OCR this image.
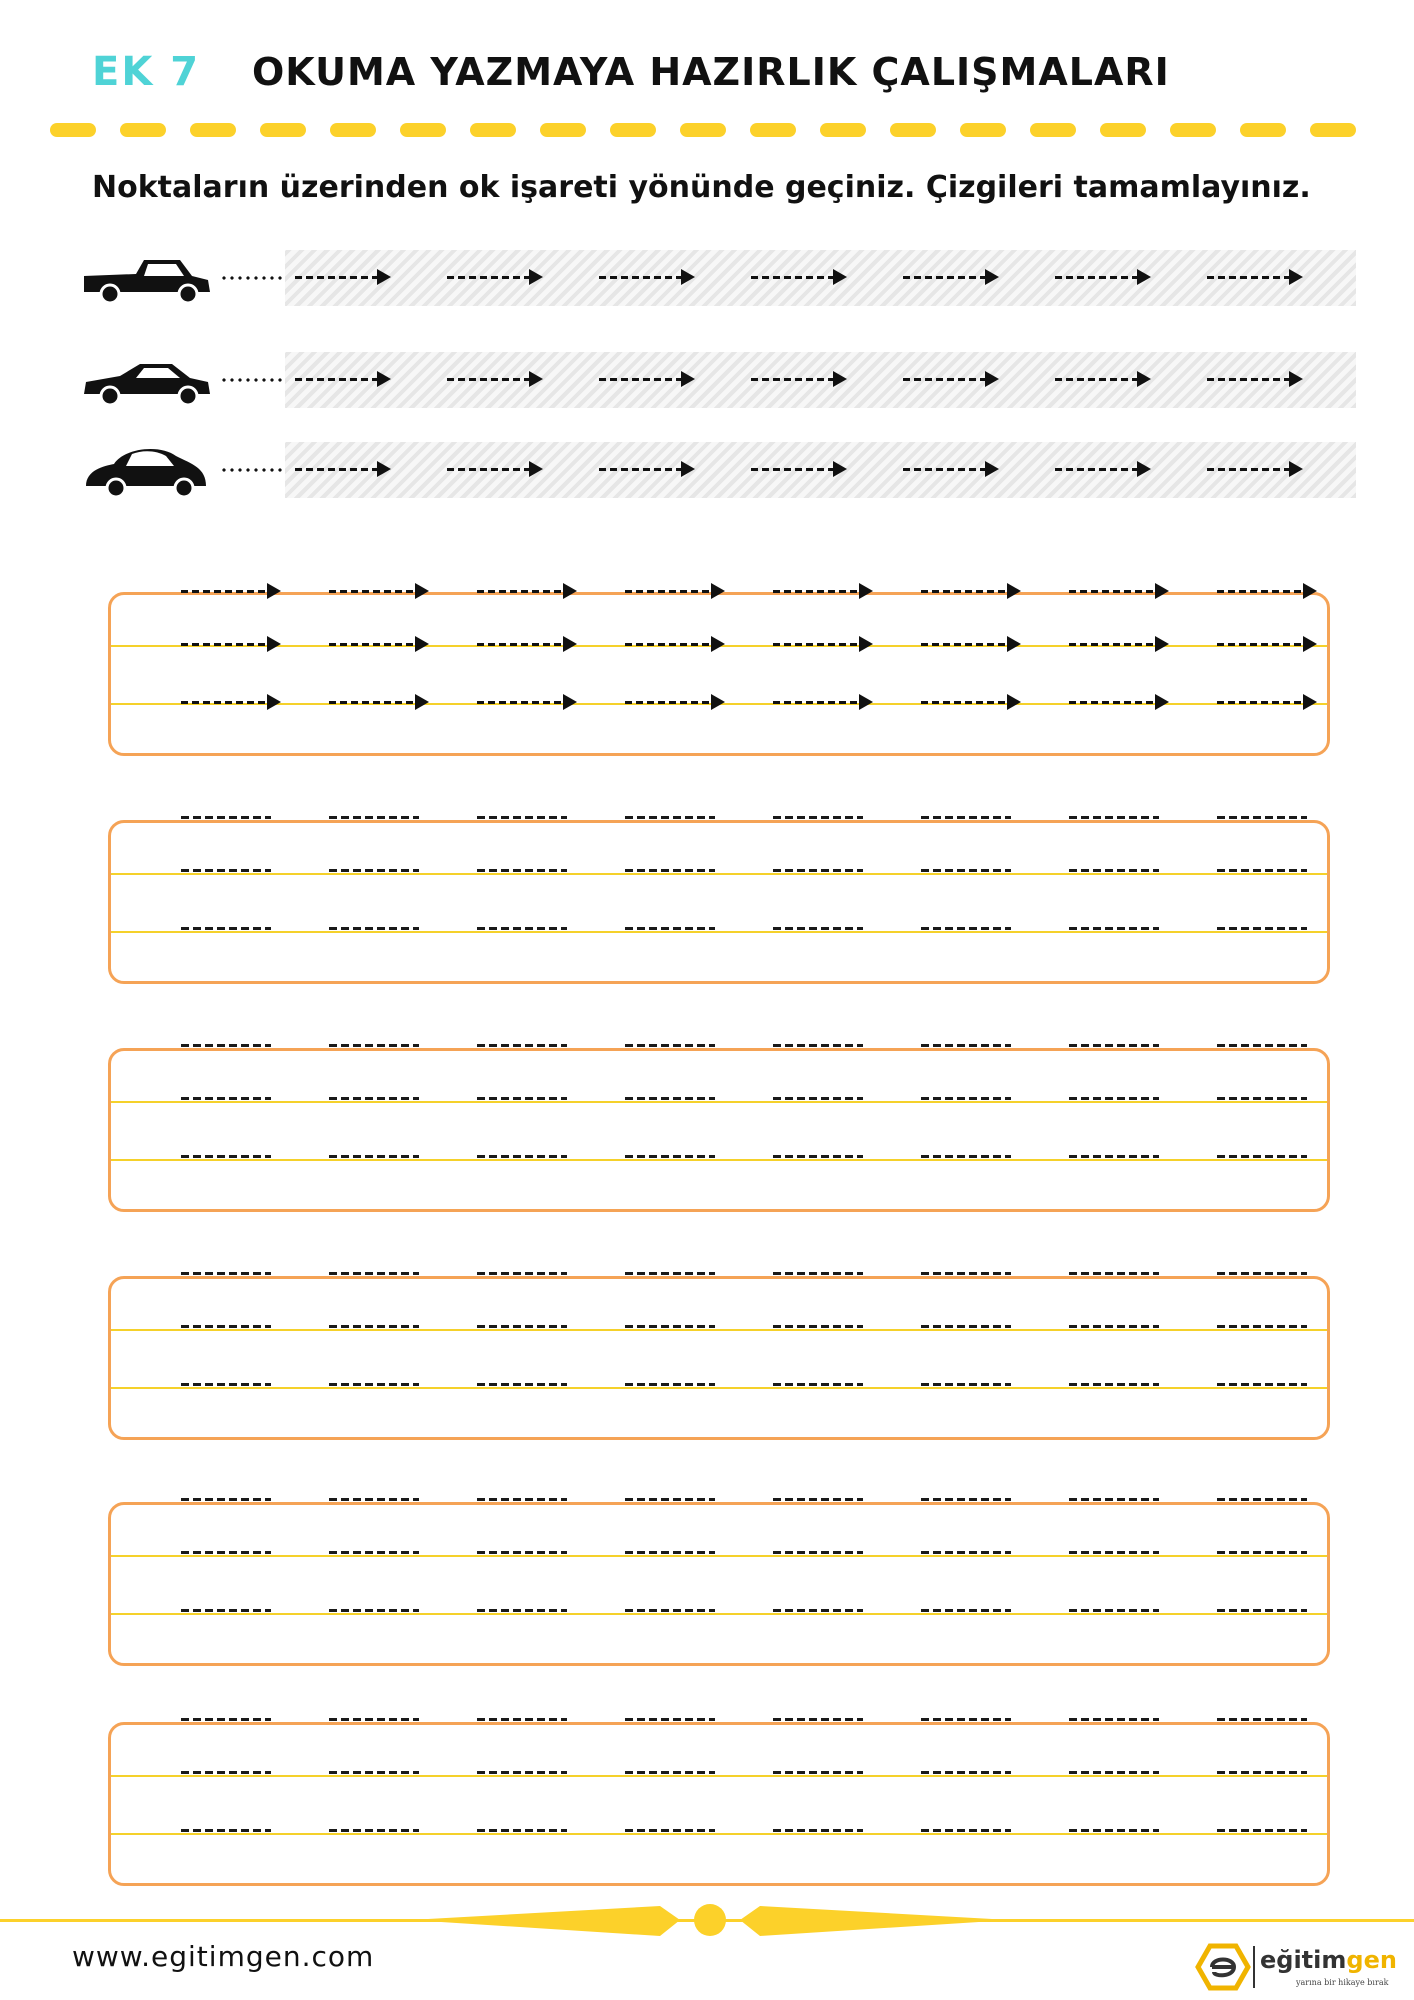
EK 7	OKUMA YAZMAYA HAZIRLIK ÇALIŞMALARI
Noktaların üzerinden ok işareti yönünde geçiniz. Çizgileri tamamlayınız.
www.egitimgen.com	eğitimgen
yarına bir hikaye bırak
